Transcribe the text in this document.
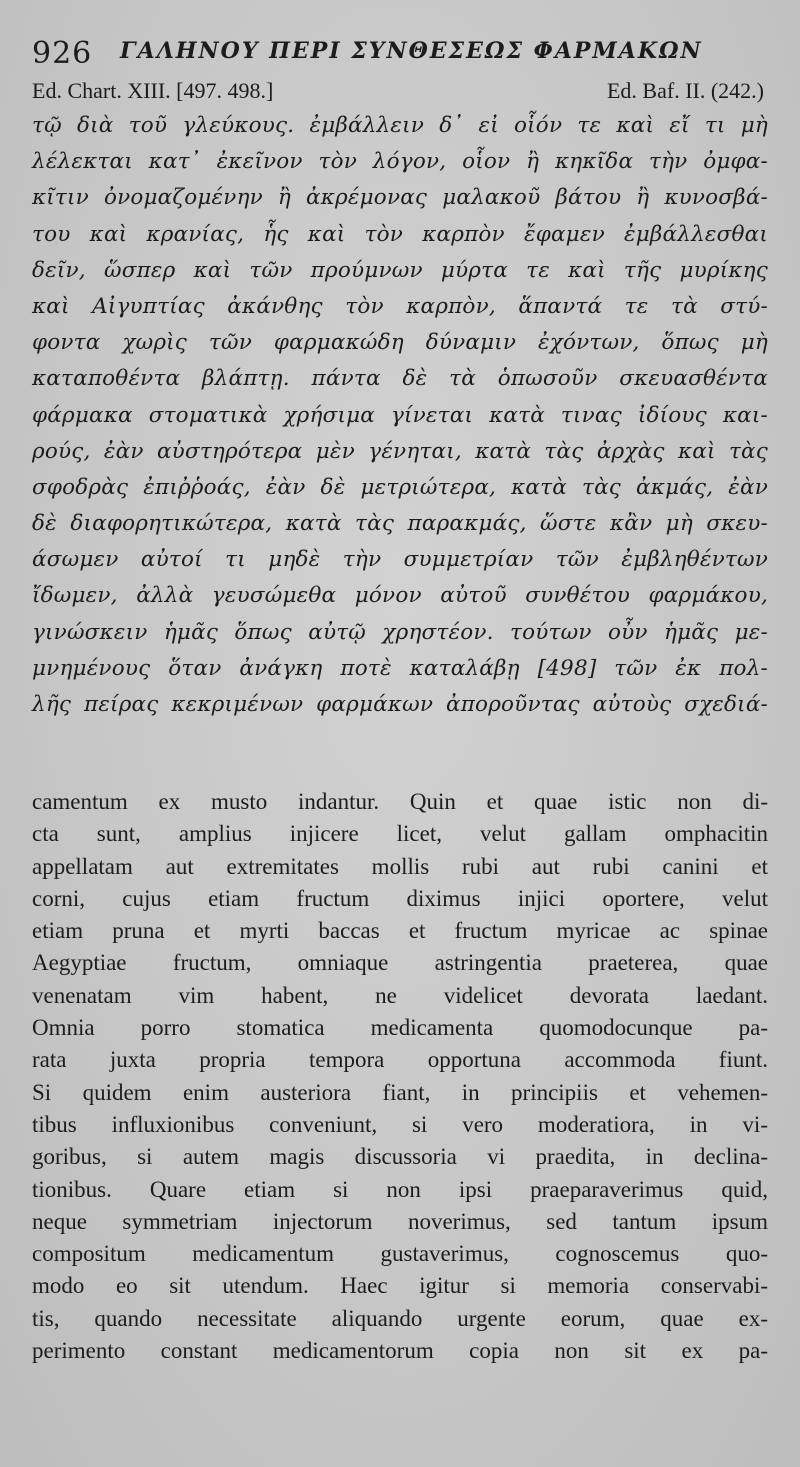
926 ΓΑΛΗΝΟΥ ΠΕΡΙ ΣΥΝΘΕΣΕΩΣ ΦΑΡΜΑΚΩΝ
Ed. Chart. XIII. [497. 498.]	Ed. Baf. II. (242.)
τῷ διὰ τοῦ γλεύκους. ἐμβάλλειν δ᾽ εἰ οἷόν τε καὶ εἴ τι μὴ
λέλεκται κατ᾽ ἐκεῖνον τὸν λόγον, οἷον ἢ κηκῖδα τὴν ὀμφα-
κῖτιν ὀνομαζομένην ἢ ἀκρέμονας μαλακοῦ βάτου ἢ κυνοσβά-
του καὶ κρανίας, ἧς καὶ τὸν καρπὸν ἔφαμεν ἐμβάλλεσθαι
δεῖν, ὥσπερ καὶ τῶν προύμνων μύρτα τε καὶ τῆς μυρίκης
καὶ Αἰγυπτίας ἀκάνθης τὸν καρπὸν, ἅπαντά τε τὰ στύ-
φοντα χωρὶς τῶν φαρμακώδη δύναμιν ἐχόντων, ὅπως μὴ
καταποθέντα βλάπτῃ. πάντα δὲ τὰ ὁπωσοῦν σκευασθέντα
φάρμακα στοματικὰ χρήσιμα γίνεται κατὰ τινας ἰδίους και-
ρούς, ἐὰν αὐστηρότερα μὲν γένηται, κατὰ τὰς ἀρχὰς καὶ τὰς
σφοδρὰς ἐπιῤῥοάς, ἐὰν δὲ μετριώτερα, κατὰ τὰς ἀκμάς, ἐὰν
δὲ διαφορητικώτερα, κατὰ τὰς παρακμάς, ὥστε κἂν μὴ σκευ-
άσωμεν αὐτοί τι μηδὲ τὴν συμμετρίαν τῶν ἐμβληθέντων
ἴδωμεν, ἀλλὰ γευσώμεθα μόνον αὐτοῦ συνθέτου φαρμάκου,
γινώσκειν ἡμᾶς ὅπως αὐτῷ χρηστέον. τούτων οὖν ἡμᾶς με-
μνημένους ὅταν ἀνάγκη ποτὲ καταλάβῃ [498] τῶν ἐκ πολ-
λῆς πείρας κεκριμένων φαρμάκων ἀποροῦντας αὐτοὺς σχεδιά-
camentum ex musto indantur. Quin et quae istic non di-
cta sunt, amplius injicere licet, velut gallam omphacitin
appellatam aut extremitates mollis rubi aut rubi canini et
corni, cujus etiam fructum diximus injici oportere, velut
etiam pruna et myrti baccas et fructum myricae ac spinae
Aegyptiae fructum, omniaque astringentia praeterea, quae
venenatam vim habent, ne videlicet devorata laedant.
Omnia porro stomatica medicamenta quomodocunque pa-
rata juxta propria tempora opportuna accommoda fiunt.
Si quidem enim austeriora fiant, in principiis et vehemen-
tibus influxionibus conveniunt, si vero moderatiora, in vi-
goribus, si autem magis discussoria vi praedita, in declina-
tionibus. Quare etiam si non ipsi praeparaverimus quid,
neque symmetriam injectorum noverimus, sed tantum ipsum
compositum medicamentum gustaverimus, cognoscemus quo-
modo eo sit utendum. Haec igitur si memoria conservabi-
tis, quando necessitate aliquando urgente eorum, quae ex-
perimento constant medicamentorum copia non sit ex pa-
